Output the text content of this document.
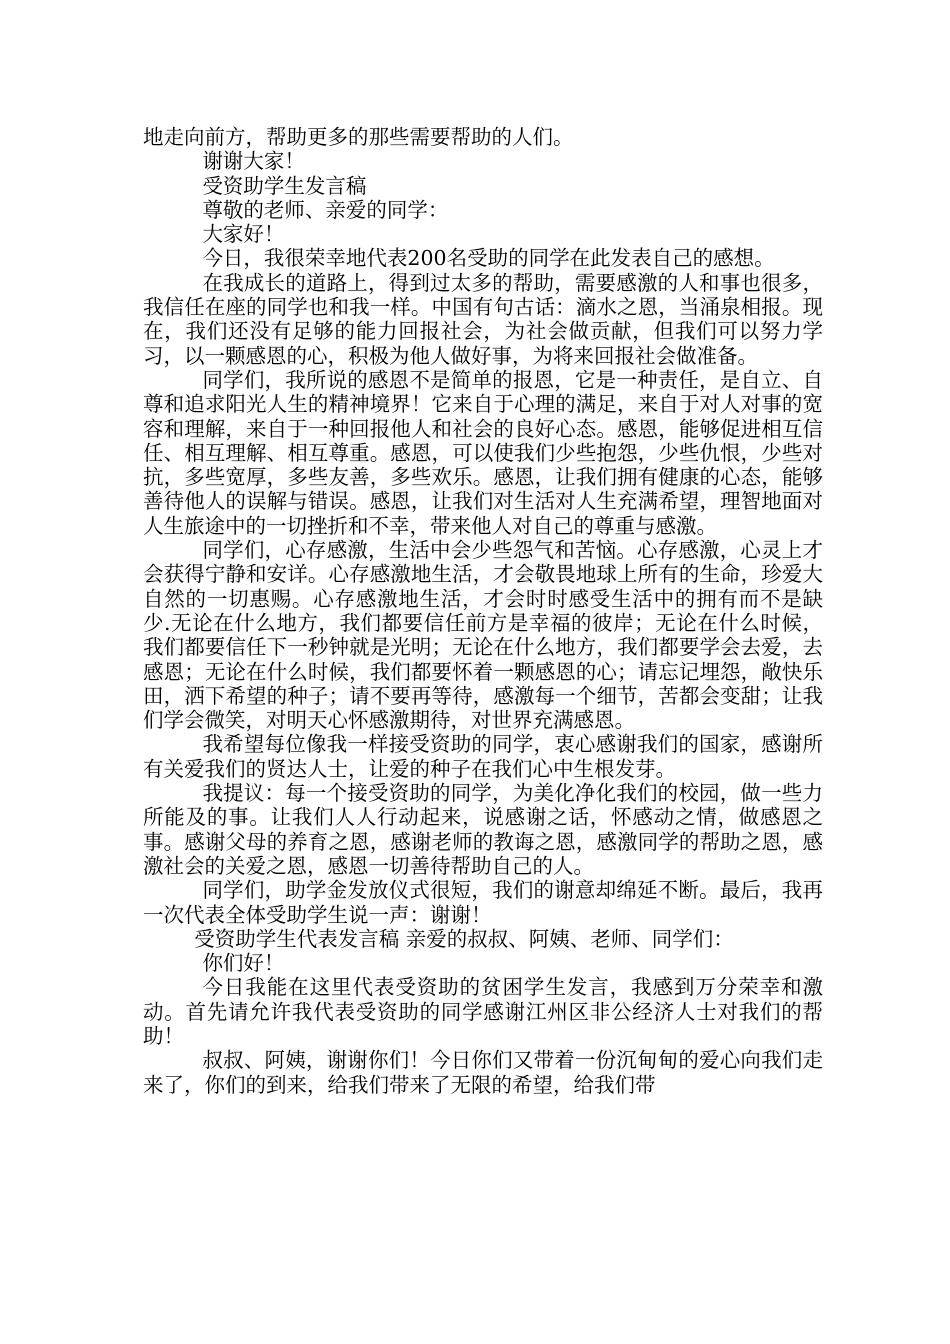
地走向前方，帮助更多的那些需要帮助的人们。

谢谢大家！

受资助学生发言稿

尊敬的老师、亲爱的同学：

大家好！

今日，我很荣幸地代表200名受助的同学在此发表自己的感想。

在我成长的道路上，得到过太多的帮助，需要感激的人和事也很多，我信任在座的同学也和我一样。中国有句古话：滴水之恩，当涌泉相报。现在，我们还没有足够的能力回报社会，为社会做贡献，但我们可以努力学习，以一颗感恩的心，积极为他人做好事，为将来回报社会做准备。

同学们，我所说的感恩不是简单的报恩，它是一种责任，是自立、自尊和追求阳光人生的精神境界！它来自于心理的满足，来自于对人对事的宽容和理解，来自于一种回报他人和社会的良好心态。感恩，能够促进相互信任、相互理解、相互尊重。感恩，可以使我们少些抱怨，少些仇恨，少些对抗，多些宽厚，多些友善，多些欢乐。感恩，让我们拥有健康的心态，能够善待他人的误解与错误。感恩，让我们对生活对人生充满希望，理智地面对人生旅途中的一切挫折和不幸，带来他人对自己的尊重与感激。

同学们，心存感激，生活中会少些怨气和苦恼。心存感激，心灵上才会获得宁静和安详。心存感激地生活，才会敬畏地球上所有的生命，珍爱大自然的一切惠赐。心存感激地生活，才会时时感受生活中的拥有而不是缺少.无论在什么地方，我们都要信任前方是幸福的彼岸；无论在什么时候，我们都要信任下一秒钟就是光明；无论在什么地方，我们都要学会去爱，去感恩；无论在什么时候，我们都要怀着一颗感恩的心；请忘记埋怨，敞快乐田，洒下希望的种子；请不要再等待，感激每一个细节，苦都会变甜；让我们学会微笑，对明天心怀感激期待，对世界充满感恩。

我希望每位像我一样接受资助的同学，衷心感谢我们的国家，感谢所有关爱我们的贤达人士，让爱的种子在我们心中生根发芽。

我提议：每一个接受资助的同学，为美化净化我们的校园，做一些力所能及的事。让我们人人行动起来，说感谢之话，怀感动之情，做感恩之事。感谢父母的养育之恩，感谢老师的教诲之恩，感激同学的帮助之恩，感激社会的关爱之恩，感恩一切善待帮助自己的人。

同学们，助学金发放仪式很短，我们的谢意却绵延不断。最后，我再一次代表全体受助学生说一声：谢谢！

受资助学生代表发言稿 亲爱的叔叔、阿姨、老师、同学们：

你们好！

今日我能在这里代表受资助的贫困学生发言，我感到万分荣幸和激动。首先请允许我代表受资助的同学感谢江州区非公经济人士对我们的帮助！

叔叔、阿姨，谢谢你们！今日你们又带着一份沉甸甸的爱心向我们走来了，你们的到来，给我们带来了无限的希望，给我们带
